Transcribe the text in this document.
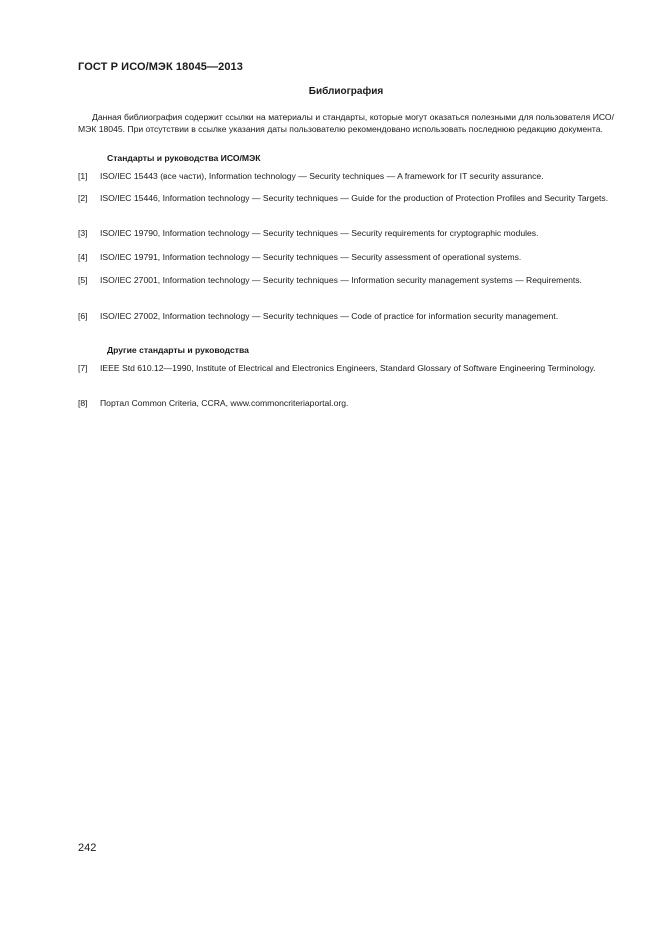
ГОСТ Р ИСО/МЭК 18045—2013
Библиография

Данная библиография содержит ссылки на материалы и стандарты, которые могут оказаться полезными для пользователя ИСО/МЭК 18045. При отсутствии в ссылке указания даты пользователю рекомендовано использовать последнюю редакцию документа.

Стандарты и руководства ИСО/МЭК
[1] ISO/IEC 15443 (все части), Information technology — Security techniques — A framework for IT security assurance.
[2] ISO/IEC 15446, Information technology — Security techniques — Guide for the production of Protection Profiles and Security Targets.
[3] ISO/IEC 19790, Information technology — Security techniques — Security requirements for cryptographic modules.
[4] ISO/IEC 19791, Information technology — Security techniques — Security assessment of operational systems.
[5] ISO/IEC 27001, Information technology — Security techniques — Information security management systems — Requirements.
[6] ISO/IEC 27002, Information technology — Security techniques — Code of practice for information security management.
Другие стандарты и руководства
[7] IEEE Std 610.12—1990, Institute of Electrical and Electronics Engineers, Standard Glossary of Software Engineering Terminology.
[8] Портал Common Criteria, CCRA, www.commoncriteriaportal.org.
242
